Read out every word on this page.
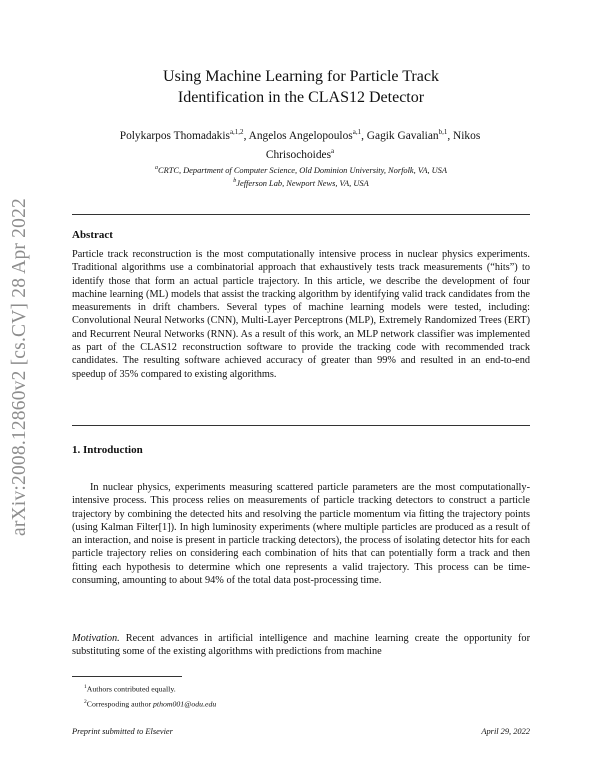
arXiv:2008.12860v2 [cs.CV] 28 Apr 2022
Using Machine Learning for Particle Track
Identification in the CLAS12 Detector
Polykarpos Thomadakis$^{a,1,2}$, Angelos Angelopoulos$^{a,1}$, Gagik Gavalian$^{b,1}$, Nikos
Chrisochoides$^a$
$^a$CRTC, Department of Computer Science, Old Dominion University, Norfolk, VA, USA
$^b$Jefferson Lab, Newport News, VA, USA
Abstract
Particle track reconstruction is the most computationally intensive process in nuclear physics experiments. Traditional algorithms use a combinatorial approach that exhaustively tests track measurements (“hits”) to identify those that form an actual particle trajectory. In this article, we describe the development of four machine learning (ML) models that assist the tracking algorithm by identifying valid track candidates from the measurements in drift chambers. Several types of machine learning models were tested, including: Convolutional Neural Networks (CNN), Multi-Layer Perceptrons (MLP), Extremely Randomized Trees (ERT) and Recurrent Neural Networks (RNN). As a result of this work, an MLP network classifier was implemented as part of the CLAS12 reconstruction software to provide the tracking code with recommended track candidates. The resulting software achieved accuracy of greater than 99% and resulted in an end-to-end speedup of 35% compared to existing algorithms.
1. Introduction
In nuclear physics, experiments measuring scattered particle parameters are the most computationally-intensive process. This process relies on measurements of particle tracking detectors to construct a particle trajectory by combining the detected hits and resolving the particle momentum via fitting the trajectory points (using Kalman Filter[1]). In high luminosity experiments (where multiple particles are produced as a result of an interaction, and noise is present in particle tracking detectors), the process of isolating detector hits for each particle trajectory relies on considering each combination of hits that can potentially form a track and then fitting each hypothesis to determine which one represents a valid trajectory. This process can be time-consuming, amounting to about 94% of the total data post-processing time.
Motivation. Recent advances in artificial intelligence and machine learning create the opportunity for substituting some of the existing algorithms with predictions from machine
$^1$Authors contributed equally.
$^2$Correspoding author pthom001@odu.edu
Preprint submitted to Elsevier	April 29, 2022
